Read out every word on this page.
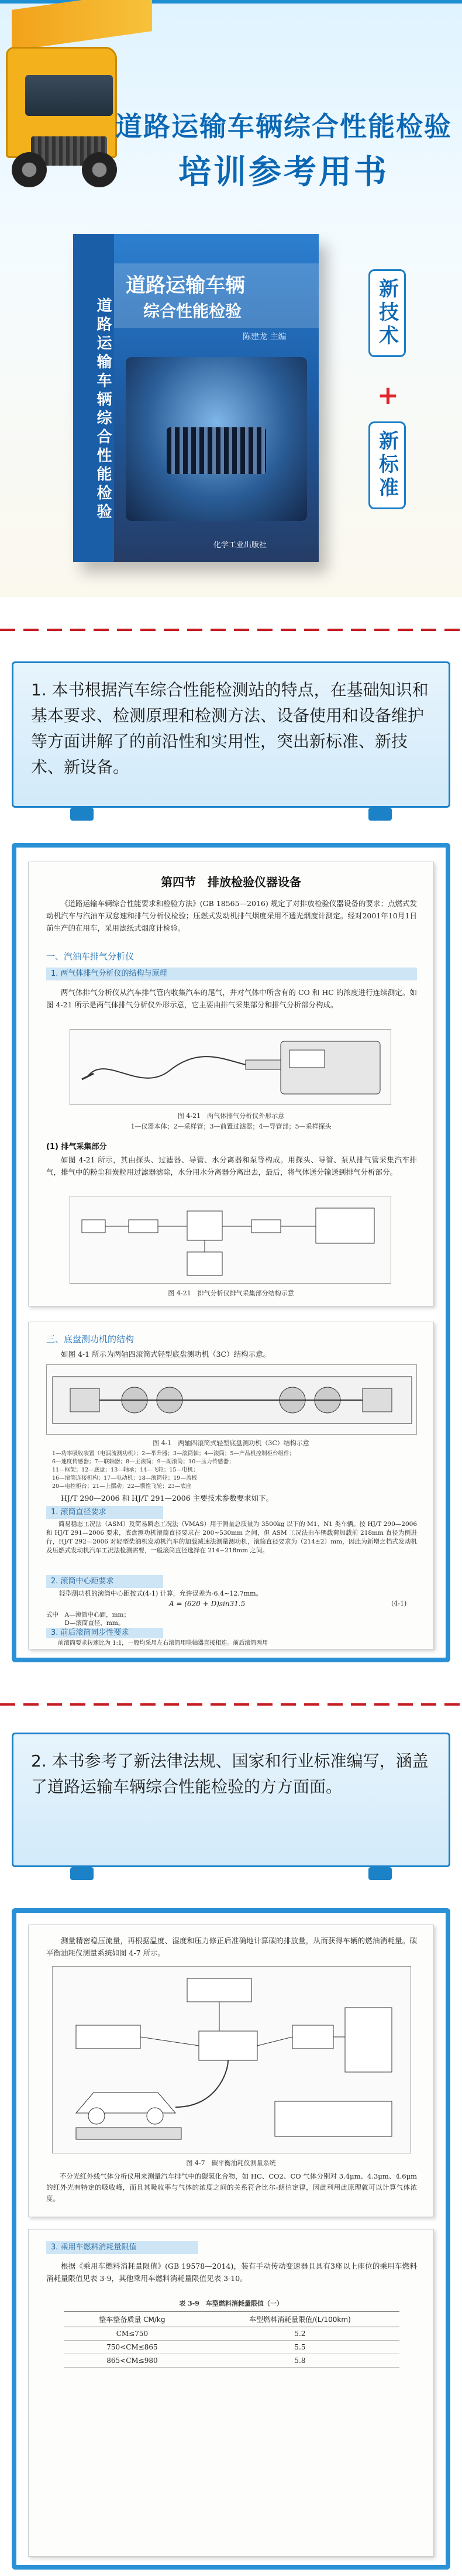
道路运输车辆综合性能检验
培训参考用书
道路运输车辆综合性能检验
道路运输车辆
综合性能检验
陈建龙 主编
化学工业出版社
新技术
+
新标准

1. 本书根据汽车综合性能检测站的特点，在基础知识和基本要求、检测原理和检测方法、设备使用和设备维护等方面讲解了的前沿性和实用性，突出新标准、新技术、新设备。

第四节　排放检验仪器设备
《道路运输车辆综合性能要求和检验方法》(GB 18565—2016) 规定了对排放检验仪器设备的要求；点燃式发动机汽车与汽油车双怠速和排气分析仪检验；压燃式发动机排气烟度采用不透光烟度计测定。经对2001年10月1日前生产的在用车，采用滤纸式烟度计检验。
一、汽油车排气分析仪
1. 两气体排气分析仪的结构与原理
两气体排气分析仪从汽车排气管内收集汽车的尾气，并对气体中所含有的 CO 和 HC 的浓度进行连续测定。如图 4-21 所示是两气体排气分析仪外形示意，它主要由排气采集部分和排气分析部分构成。
图 4-21　两气体排气分析仪外形示意
1—仪器本体；2—采样管；3—前置过滤器；4—导管部；5—采样探头
(1) 排气采集部分
如图 4-21 所示，其由探头、过滤器、导管、水分离器和泵等构成。用探头、导管、泵从排气管采集汽车排气，排气中的粉尘和炭粒用过滤器滤除，水分用水分离器分离出去，最后，将气体送分输送到排气分析部分。
图 4-21　排气分析仪排气采集部分结构示意
三、底盘测功机的结构
如图 4-1 所示为两轴四滚筒式轻型底盘测功机（3C）结构示意。
图 4-1　两轴四滚筒式轻型底盘测功机（3C）结构示意
1—功率吸收装置（电涡流测功机）；2—举升器；3—滚筒轴；4—滚筒；5—产品机控制柜台组件；
6—速度传感器；7—联轴器；8—主滚筒；9—副滚筒；10—压力传感器；
11—框架；12—底盘；13—轴承；14—飞轮；15—电机；
16—滚筒连接机构；17—电动机；18—滚筒轮；19—盖板
20—电控柜台；21—上摆动；22—惯性飞轮；23—底座
HJ/T 290—2006 和 HJ/T 291—2006 主要技术参数要求如下。
1. 滚筒直径要求
简易稳态工况法（ASM）及简易瞬态工况法（VMAS）用于测量总质量为 3500kg 以下的 M1、N1 类车辆。按 HJ/T 290—2006 和 HJ/T 291—2006 要求，底盘测功机滚筒直径要求在 200~530mm 之间，但 ASM 工况法由车辆载荷加载前 218mm 直径为例进行，HJ/T 292—2006 对轻型柴油机发动机汽车的加载减速法测量测功机，滚筒直径要求为（214±2）mm，因此为新增之档式发动机及压燃式发动机汽车工况法检测需要，一般滚筒直径选择在 214~218mm 之间。
2. 滚筒中心距要求
轻型测功机的滚筒中心距按式(4-1) 计算，允许误差为-6.4~12.7mm。
A = (620 + D)sin31.5	(4-1)
式中　A—滚筒中心距，mm；
　　　D—滚筒直径，mm。
3. 前后滚筒同步性要求
前滚筒要求转速比为 1:1，一般均采用左右滚筒用联轴器直接相连。前后滚筒两用

2. 本书参考了新法律法规、国家和行业标准编写，涵盖了道路运输车辆综合性能检验的方方面面。

测量精密稳压流量，再根据温度、湿度和压力修正后准确地计算碳的排放量，从而获得车辆的燃油消耗量。碳平衡油耗仪测量系统如图 4-7 所示。
图 4-7　碳平衡油耗仪测量系统
不分光红外线气体分析仪用来测量汽车排气中的碳氢化合物，如 HC、CO2、CO 气体分别对 3.4μm、4.3μm、4.6μm 的红外光有特定的吸收峰，而且其吸收率与气体的浓度之间的关系符合比尔-朗伯定律，因此利用此原理就可以计算气体浓度。
3. 乘用车燃料消耗量限值
根据《乘用车燃料消耗量限值》(GB 19578—2014)，装有手动传动变速器且具有3座以上座位的乘用车燃料消耗量限值见表 3-9，其他乘用车燃料消耗量限值见表 3-10。
表 3-9　车型燃料消耗量限值（一）
整车整备质量 CM/kg	车型燃料消耗量限值/(L/100km)
CM≤750	5.2
750<CM≤865	5.5
865<CM≤980	5.8
